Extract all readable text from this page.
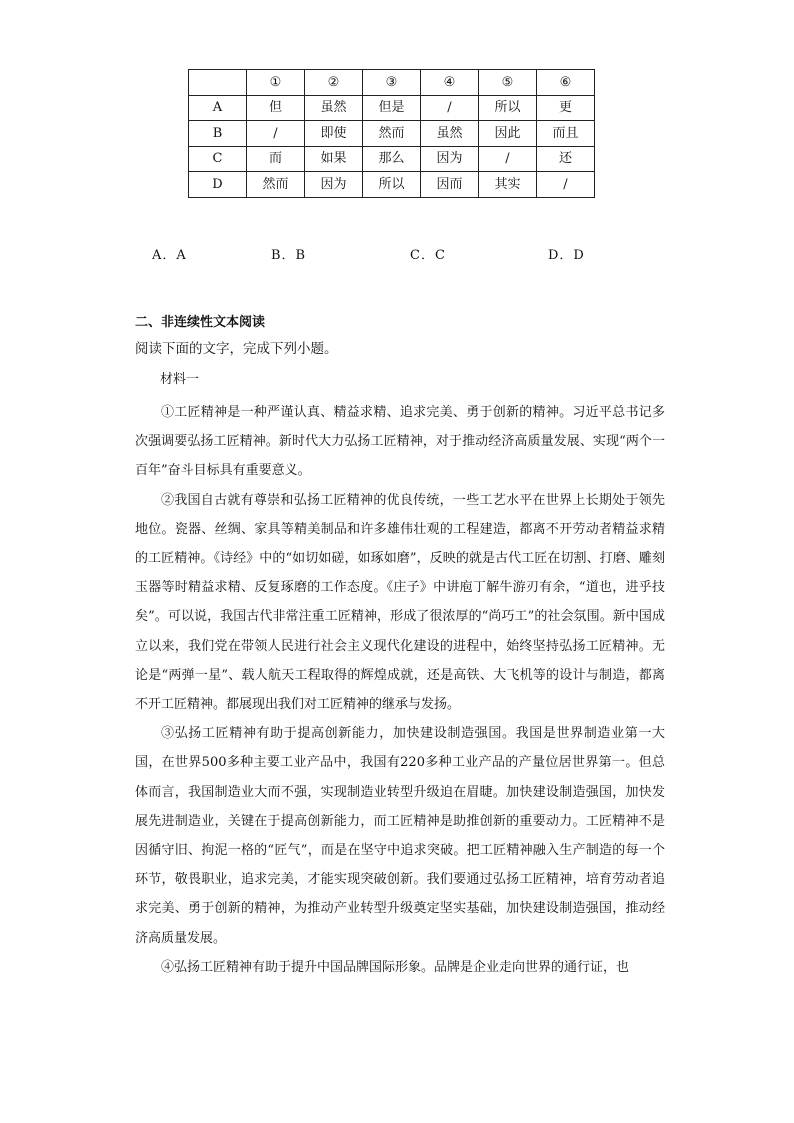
	①	②	③	④	⑤	⑥
A	但	虽然	但是	/	所以	更
B	/	即使	然而	虽然	因此	而且
C	而	如果	那么	因为	/	还
D	然而	因为	所以	因而	其实	/
A．A	B．B	C．C	D．D
二、非连续性文本阅读
阅读下面的文字，完成下列小题。
材料一

①工匠精神是一种严谨认真、精益求精、追求完美、勇于创新的精神。习近平总书记多次强调要弘扬工匠精神。新时代大力弘扬工匠精神，对于推动经济高质量发展、实现“两个一百年”奋斗目标具有重要意义。

②我国自古就有尊崇和弘扬工匠精神的优良传统，一些工艺水平在世界上长期处于领先地位。瓷器、丝绸、家具等精美制品和许多雄伟壮观的工程建造，都离不开劳动者精益求精的工匠精神。《诗经》中的“如切如磋，如琢如磨”，反映的就是古代工匠在切割、打磨、雕刻玉器等时精益求精、反复琢磨的工作态度。《庄子》中讲庖丁解牛游刃有余，“道也，进乎技矣”。可以说，我国古代非常注重工匠精神，形成了很浓厚的“尚巧工”的社会氛围。新中国成立以来，我们党在带领人民进行社会主义现代化建设的进程中，始终坚持弘扬工匠精神。无论是“两弹一星”、载人航天工程取得的辉煌成就，还是高铁、大飞机等的设计与制造，都离不开工匠精神。都展现出我们对工匠精神的继承与发扬。

③弘扬工匠精神有助于提高创新能力，加快建设制造强国。我国是世界制造业第一大国，在世界500多种主要工业产品中，我国有220多种工业产品的产量位居世界第一。但总体而言，我国制造业大而不强，实现制造业转型升级迫在眉睫。加快建设制造强国，加快发展先进制造业，关键在于提高创新能力，而工匠精神是助推创新的重要动力。工匠精神不是因循守旧、拘泥一格的“匠气”，而是在坚守中追求突破。把工匠精神融入生产制造的每一个环节，敬畏职业，追求完美，才能实现突破创新。我们要通过弘扬工匠精神，培育劳动者追求完美、勇于创新的精神，为推动产业转型升级奠定坚实基础，加快建设制造强国，推动经济高质量发展。

④弘扬工匠精神有助于提升中国品牌国际形象。品牌是企业走向世界的通行证，也
